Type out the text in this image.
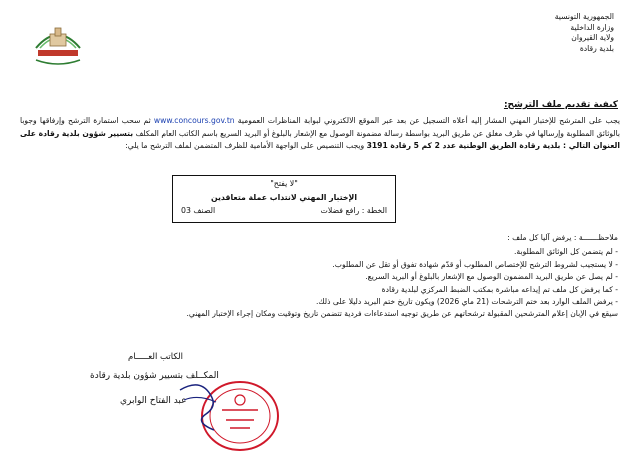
الجمهورية التونسية
وزارة الداخلية
ولاية القيروان
بلدية رقادة
كيفية تقديم ملف الترشح:
يجب على المترشح للإختبار المهني المشار إليه أعلاه التسجيل عن بعد عبر الموقع الالكتروني لبوابة المناظرات العمومية www.concours.gov.tn ثم سحب استمارة الترشح وإرفاقها وجوبا بالوثائق المطلوبة وإرسالها في ظرف مغلق عن طريق البريد بواسطة رسالة مضمونة الوصول مع الإشعار بالبلوغ أو البريد السريع باسم الكاتب العام المكلف بتسيير شؤون بلدية رقادة على العنوان التالي : بلدية رقادة الطريق الوطنية عدد 2 كم 5 رقادة 3191 ويجب التنصيص على الواجهة الأمامية للظرف المتضمن لملف الترشح ما يلي:
"لا يفتح"
الإختبار المهني لانتداب عملة متعاقدين
الخطة : رافع فضلات
الصنف 03
ملاحظـــــــة : يرفض آليا كل ملف :
- لم يتضمن كل الوثائق المطلوبة.
- لا يستجيب لشروط الترشح للإختصاص المطلوب أو قدّم شهادة تفوق أو تقل عن المطلوب.
- لم يصل عن طريق البريد المضمون الوصول مع الإشعار بالبلوغ أو البريد السريع.
- كما يرفض كل ملف تم إيداعه مباشرة بمكتب الضبط المركزي لبلدية رقادة
- يرفض الملف الوارد بعد ختم الترشحات (21 ماي 2026) ويكون تاريخ ختم البريد دليلا على ذلك.
سيقع في الإبان إعلام المترشحين المقبولة ترشحاتهم عن طريق توجيه استدعاءات فردية تتضمن تاريخ وتوقيت ومكان إجراء الإختبار المهني.
الكاتب العـــــام
المكــلف بتسيير شؤون بلدية رقادة
عبد الفتاح الوابري
